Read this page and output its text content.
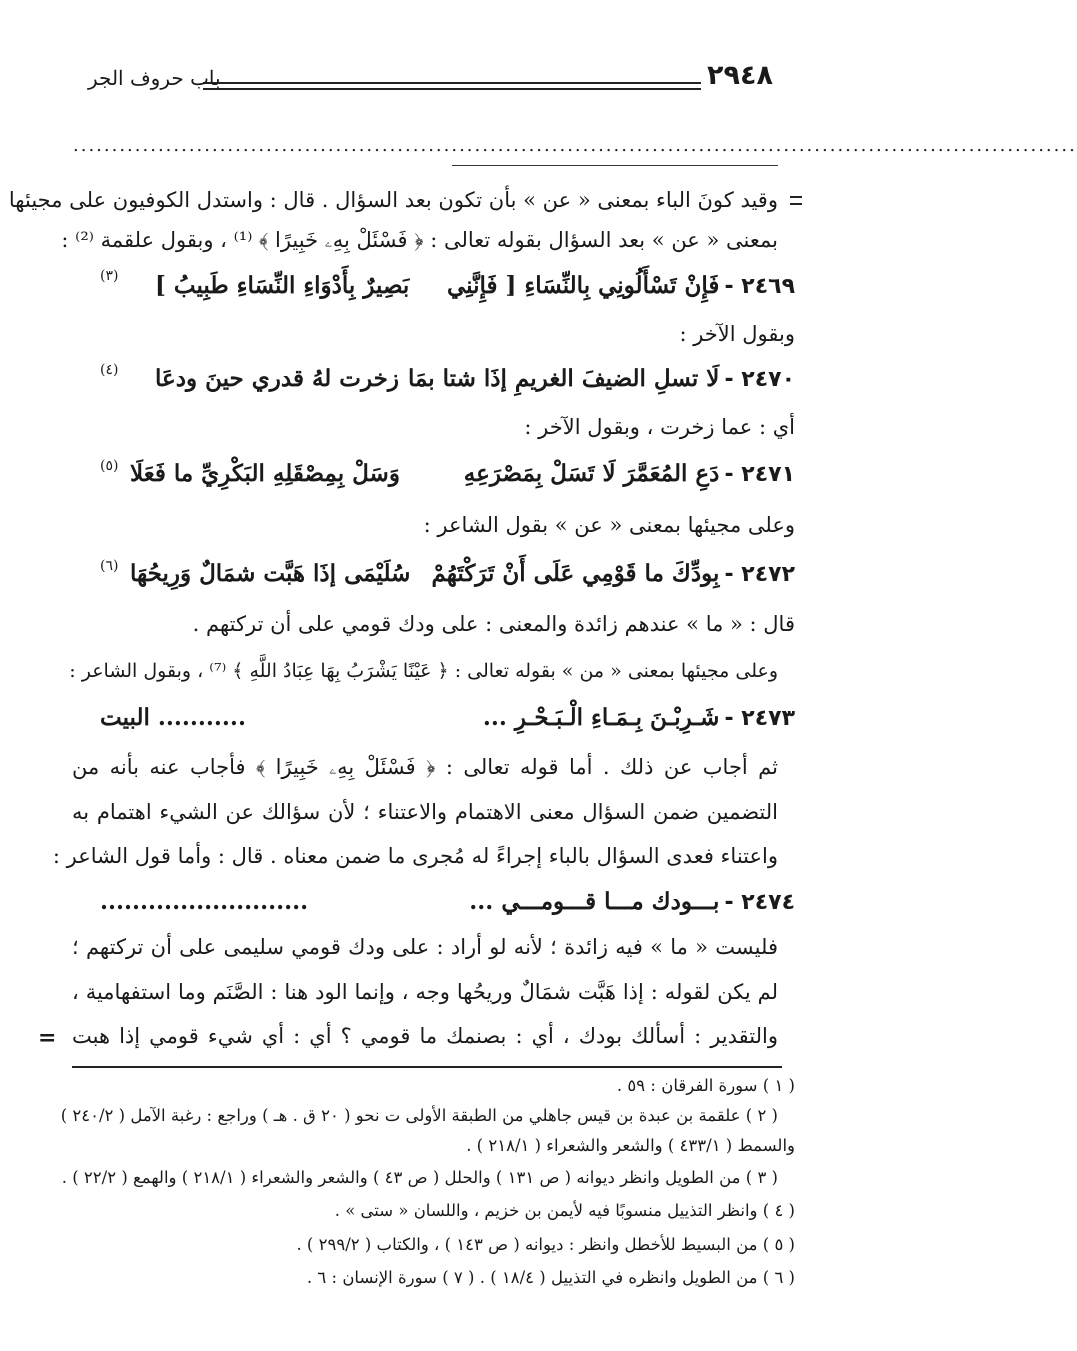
٢٩٤٨
باب حروف الجر
..................................................................................................................................
وقيد كونَ الباء بمعنى « عن » بأن تكون بعد السؤال . قال : واستدل الكوفيون على مجيئها
بمعنى « عن » بعد السؤال بقوله تعالى : ﴿ فَسْئَلْ بِهِۦ خَبِيرًا ﴾ ⁽¹⁾ ، وبقول علقمة ⁽²⁾ :
٢٤٦٩ - فَإِنْ تَسْأَلُونِي بِالنِّسَاءِ [ فَإِنَّنِي
بَصِيرٌ بِأَدْوَاءِ النِّسَاءِ طَبِيبُ ]
(٣)
وبقول الآخر :
٢٤٧٠ - لَا تسلِ الضيفَ الغريمِ إذَا شتا بمَا
زخرت لهُ قدري حينَ ودعَا
(٤)
أي : عما زخرت ، وبقول الآخر :
٢٤٧١ - دَعِ المُعَمَّرَ لَا تَسَلْ بِمَصْرَعِهِ
وَسَلْ بِمِصْقَلِهِ البَكْرِيِّ ما فَعَلَا
(٥)
وعلى مجيئها بمعنى « عن » بقول الشاعر :
٢٤٧٢ - بِودِّكَ ما قَوْمِي عَلَى أَنْ تَرَكْتَهُمْ
سُلَيْمَى إذَا هَبَّت شمَالٌ وَرِيحُهَا
(٦)
قال : « ما » عندهم زائدة والمعنى : على ودك قومي على أن تركتهم .
وعلى مجيئها بمعنى « من » بقوله تعالى : ﴿ عَيْنًا يَشْرَبُ بِهَا عِبَادُ اللَّهِ ﴾ ⁽⁷⁾ ، وبقول الشاعر :
٢٤٧٣ - شَـرِبْـنَ بِـمَـاءِ الْـبَـحْـرِ ...
........... البيت
ثم أجاب عن ذلك . أما قوله تعالى : ﴿ فَسْئَلْ بِهِۦ خَبِيرًا ﴾ فأجاب عنه بأنه من
التضمين ضمن السؤال معنى الاهتمام والاعتناء ؛ لأن سؤالك عن الشيء اهتمام به
واعتناء فعدى السؤال بالباء إجراءً له مُجرى ما ضمن معناه . قال : وأما قول الشاعر :
٢٤٧٤ - بـــودك مـــا قـــومـــي ...
..........................
فليست « ما » فيه زائدة ؛ لأنه لو أراد : على ودك قومي سليمى على أن تركتهم ؛
لم يكن لقوله : إذا هَبَّت شمَالٌ وريحُها وجه ، وإنما الود هنا : الصَّنَم وما استفهامية ،
والتقدير : أسألك بودك ، أي : بصنمك ما قومي ؟ أي : أي شيء قومي إذا هبت
=
( ١ ) سورة الفرقان : ٥٩ .
( ٢ ) علقمة بن عبدة بن قيس جاهلي من الطبقة الأولى ت نحو ( ٢٠ ق . هـ ) وراجع : رغبة الآمل ( ٢٤٠/٢ )
والسمط ( ٤٣٣/١ ) والشعر والشعراء ( ٢١٨/١ ) .
( ٣ ) من الطويل وانظر ديوانه ( ص ١٣١ ) والحلل ( ص ٤٣ ) والشعر والشعراء ( ٢١٨/١ ) والهمع ( ٢٢/٢ ) .
( ٤ ) وانظر التذييل منسوبًا فيه لأيمن بن خزيم ، واللسان « ستى » .
( ٥ ) من البسيط للأخطل وانظر : ديوانه ( ص ١٤٣ ) ، والكتاب ( ٢٩٩/٢ ) .
( ٦ ) من الطويل وانظره في التذييل ( ١٨/٤ ) . ( ٧ ) سورة الإنسان : ٦ .
